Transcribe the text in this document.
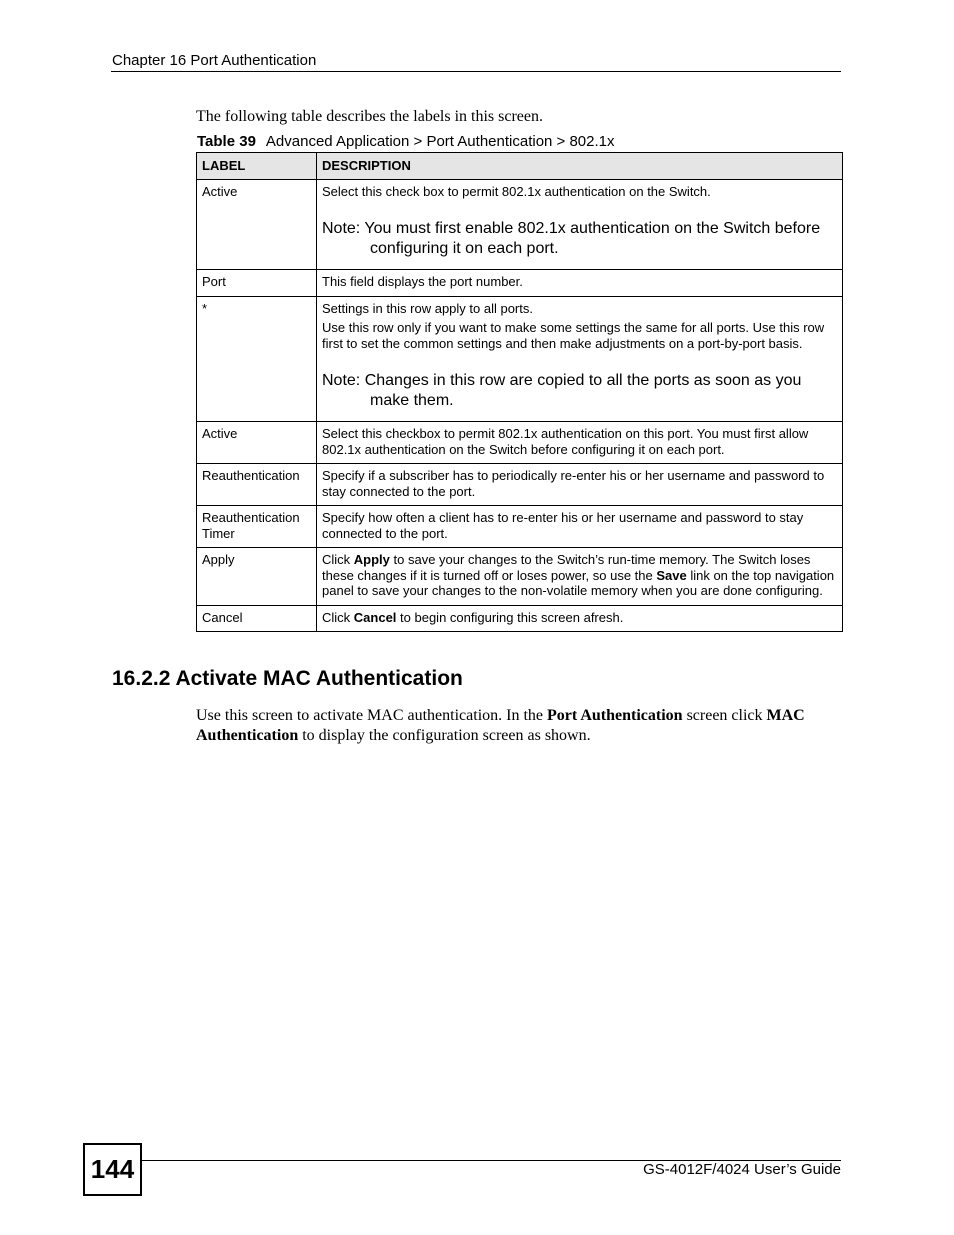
Chapter 16 Port Authentication

The following table describes the labels in this screen.

Table 39 Advanced Application > Port Authentication > 802.1x
LABEL	DESCRIPTION
Active	Select this check box to permit 802.1x authentication on the Switch.

Note: You must first enable 802.1x authentication on the Switch before configuring it on each port.

Port	This field displays the port number.
*	Settings in this row apply to all ports.

Use this row only if you want to make some settings the same for all ports. Use this row first to set the common settings and then make adjustments on a port-by-port basis.

Note: Changes in this row are copied to all the ports as soon as you make them.

Active	Select this checkbox to permit 802.1x authentication on this port. You must first allow 802.1x authentication on the Switch before configuring it on each port.
Reauthentication	Specify if a subscriber has to periodically re-enter his or her username and password to stay connected to the port.
Reauthentication Timer	Specify how often a client has to re-enter his or her username and password to stay connected to the port.
Apply	Click Apply to save your changes to the Switch’s run-time memory. The Switch loses these changes if it is turned off or loses power, so use the Save link on the top navigation panel to save your changes to the non-volatile memory when you are done configuring.
Cancel	Click Cancel to begin configuring this screen afresh.
16.2.2 Activate MAC Authentication

Use this screen to activate MAC authentication. In the Port Authentication screen click MAC Authentication to display the configuration screen as shown.

144	GS-4012F/4024 User’s Guide
